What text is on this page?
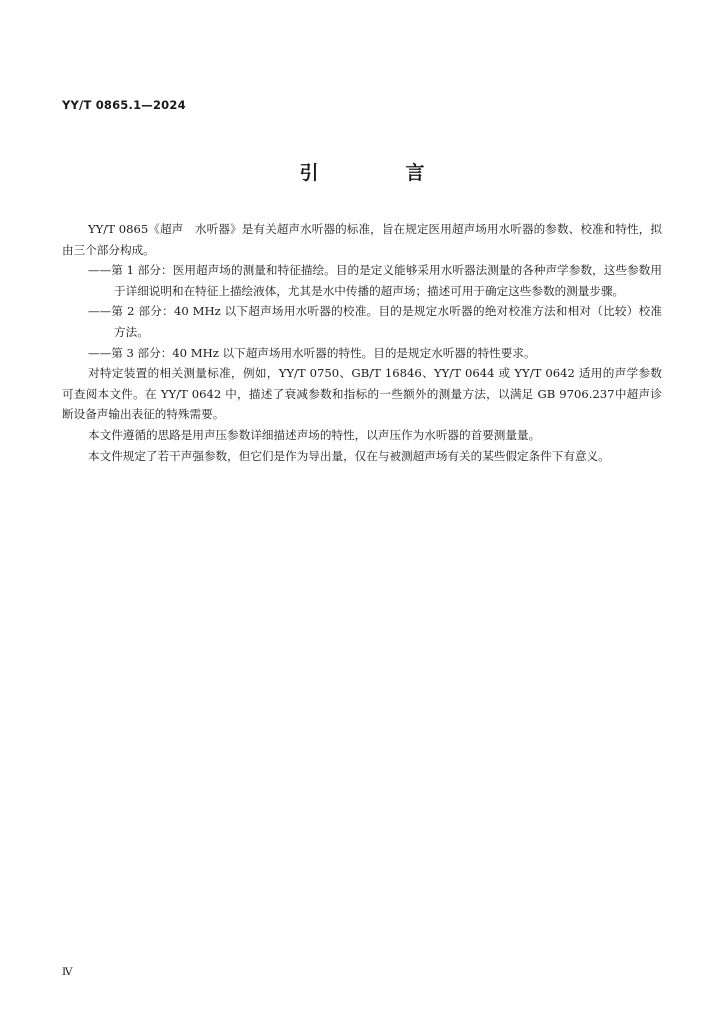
YY/T 0865.1—2024
引　言

YY/T 0865《超声　水听器》是有关超声水听器的标准，旨在规定医用超声场用水听器的参数、校准和特性，拟由三个部分构成。

——第 1 部分：医用超声场的测量和特征描绘。目的是定义能够采用水听器法测量的各种声学参数，这些参数用于详细说明和在特征上描绘液体，尤其是水中传播的超声场；描述可用于确定这些参数的测量步骤。

——第 2 部分：40 MHz 以下超声场用水听器的校准。目的是规定水听器的绝对校准方法和相对（比较）校准方法。

——第 3 部分：40 MHz 以下超声场用水听器的特性。目的是规定水听器的特性要求。

对特定装置的相关测量标准，例如，YY/T 0750、GB/T 16846、YY/T 0644 或 YY/T 0642 适用的声学参数可查阅本文件。在 YY/T 0642 中，描述了衰减参数和指标的一些额外的测量方法，以满足 GB 9706.237中超声诊断设备声输出表征的特殊需要。

本文件遵循的思路是用声压参数详细描述声场的特性，以声压作为水听器的首要测量量。

本文件规定了若干声强参数，但它们是作为导出量，仅在与被测超声场有关的某些假定条件下有意义。

Ⅳ
